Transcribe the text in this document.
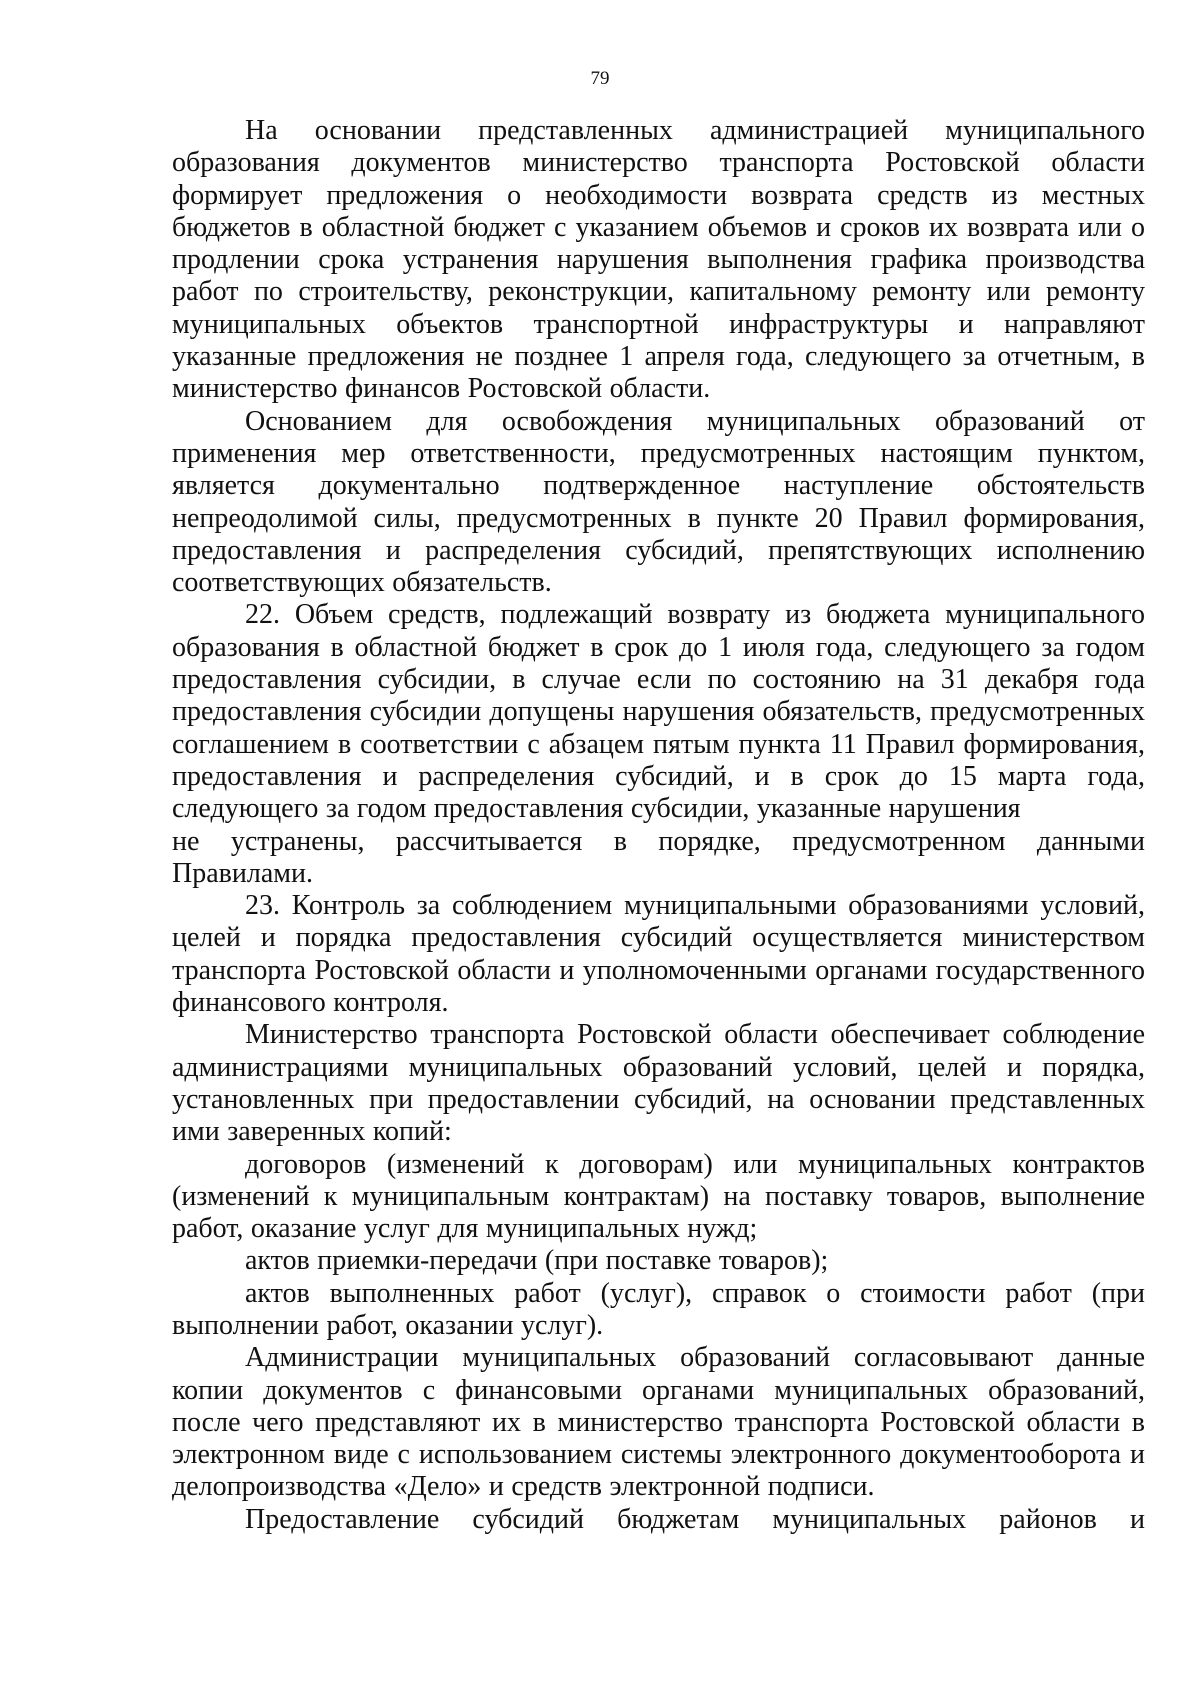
79

На основании представленных администрацией муниципального образования документов министерство транспорта Ростовской области формирует предложения о необходимости возврата средств из местных бюджетов в областной бюджет с указанием объемов и сроков их возврата или о продлении срока устранения нарушения выполнения графика производства работ по строительству, реконструкции, капитальному ремонту или ремонту муниципальных объектов транспортной инфраструктуры и направляют указанные предложения не позднее 1 апреля года, следующего за отчетным, в министерство финансов Ростовской области.

Основанием для освобождения муниципальных образований от применения мер ответственности, предусмотренных настоящим пунктом, является документально подтвержденное наступление обстоятельств непреодолимой силы, предусмотренных в пункте 20 Правил формирования, предоставления и распределения субсидий, препятствующих исполнению соответствующих обязательств.

22. Объем средств, подлежащий возврату из бюджета муниципального образования в областной бюджет в срок до 1 июля года, следующего за годом предоставления субсидии, в случае если по состоянию на 31 декабря года предоставления субсидии допущены нарушения обязательств, предусмотренных соглашением в соответствии с абзацем пятым пункта 11 Правил формирования, предоставления и распределения субсидий, и в срок до 15 марта года, следующего за годом предоставления субсидии, указанные нарушения

не устранены, рассчитывается в порядке, предусмотренном данными Правилами.

23. Контроль за соблюдением муниципальными образованиями условий, целей и порядка предоставления субсидий осуществляется министерством транспорта Ростовской области и уполномоченными органами государственного финансового контроля.

Министерство транспорта Ростовской области обеспечивает соблюдение администрациями муниципальных образований условий, целей и порядка, установленных при предоставлении субсидий, на основании представленных ими заверенных копий:

договоров (изменений к договорам) или муниципальных контрактов (изменений к муниципальным контрактам) на поставку товаров, выполнение работ, оказание услуг для муниципальных нужд;

актов приемки-передачи (при поставке товаров);

актов выполненных работ (услуг), справок о стоимости работ (при выполнении работ, оказании услуг).

Администрации муниципальных образований согласовывают данные копии документов с финансовыми органами муниципальных образований, после чего представляют их в министерство транспорта Ростовской области в электронном виде с использованием системы электронного документооборота и делопроизводства «Дело» и средств электронной подписи.

Предоставление субсидий бюджетам муниципальных районов и
